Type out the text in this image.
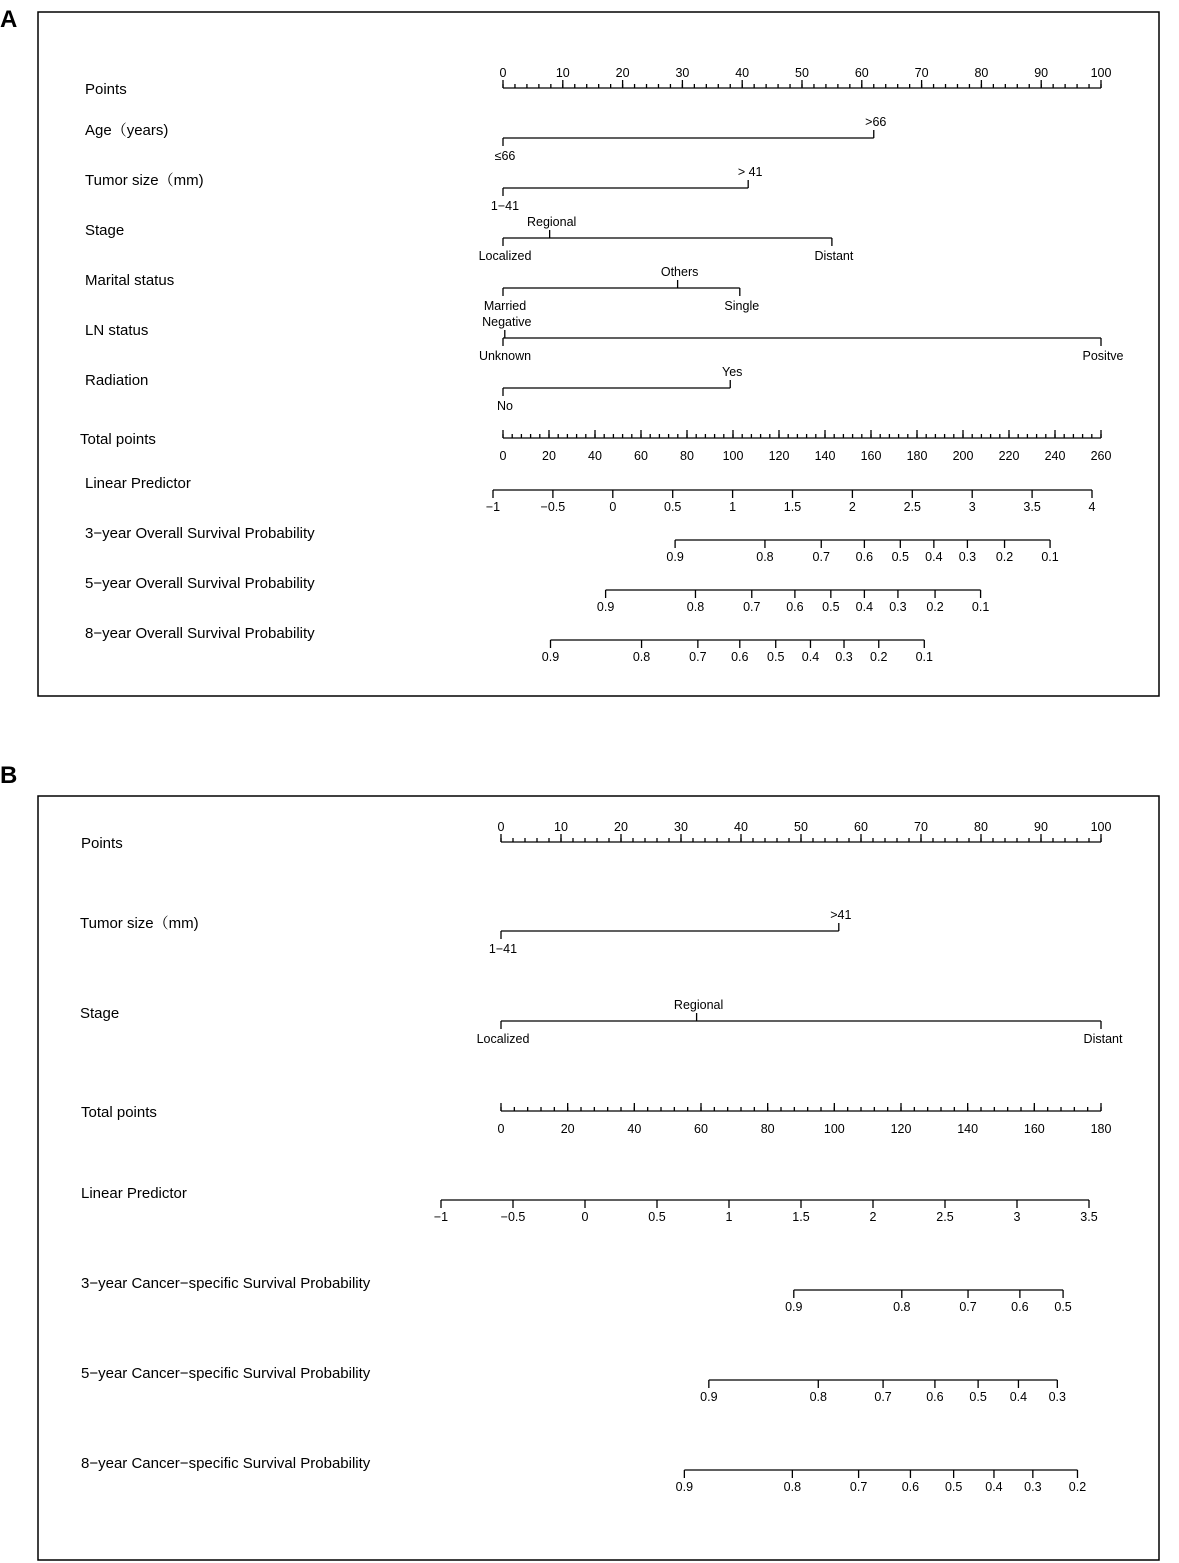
A
Points
0	10	20	30	40	50	60	70	80	90	100
Age（years)
≤66
>66
Tumor size（mm)
1−41
> 41
Stage
Localized
Regional
Distant
Marital status
Married
Others
Single
LN status
Unknown
Negative
Positve
Radiation
No
Yes
Total points
0	20	40	60	80 100 120 140 160 180 200 220 240 260
Linear Predictor
−1	−0.5	0	0.5	1	1.5	2	2.5	3	3.5	4
3−year Overall Survival Probability
0.9	0.8	0.7 0.6 0.5 0.4 0.3 0.2 0.1
5−year Overall Survival Probability
0.9	0.8	0.7 0.6 0.5 0.4 0.3 0.2 0.1
8−year Overall Survival Probability
0.9	0.8	0.7 0.6 0.5 0.4 0.3 0.2 0.1
B
Points
0	10	20	30	40	50	60	70	80	90	100
Tumor size（mm)
1−41
>41
Stage
Localized
Regional
Distant
Total points
0	20	40	60	80	100	120	140	160	180
Linear Predictor
−1	−0.5	0	0.5	1	1.5	2	2.5	3	3.5
3−year Cancer−specific Survival Probability
0.9	0.8	0.7	0.6 0.5
5−year Cancer−specific Survival Probability
0.9	0.8	0.7	0.6 0.5 0.4 0.3
8−year Cancer−specific Survival Probability
0.9	0.8	0.7	0.6 0.5 0.4 0.3 0.2
